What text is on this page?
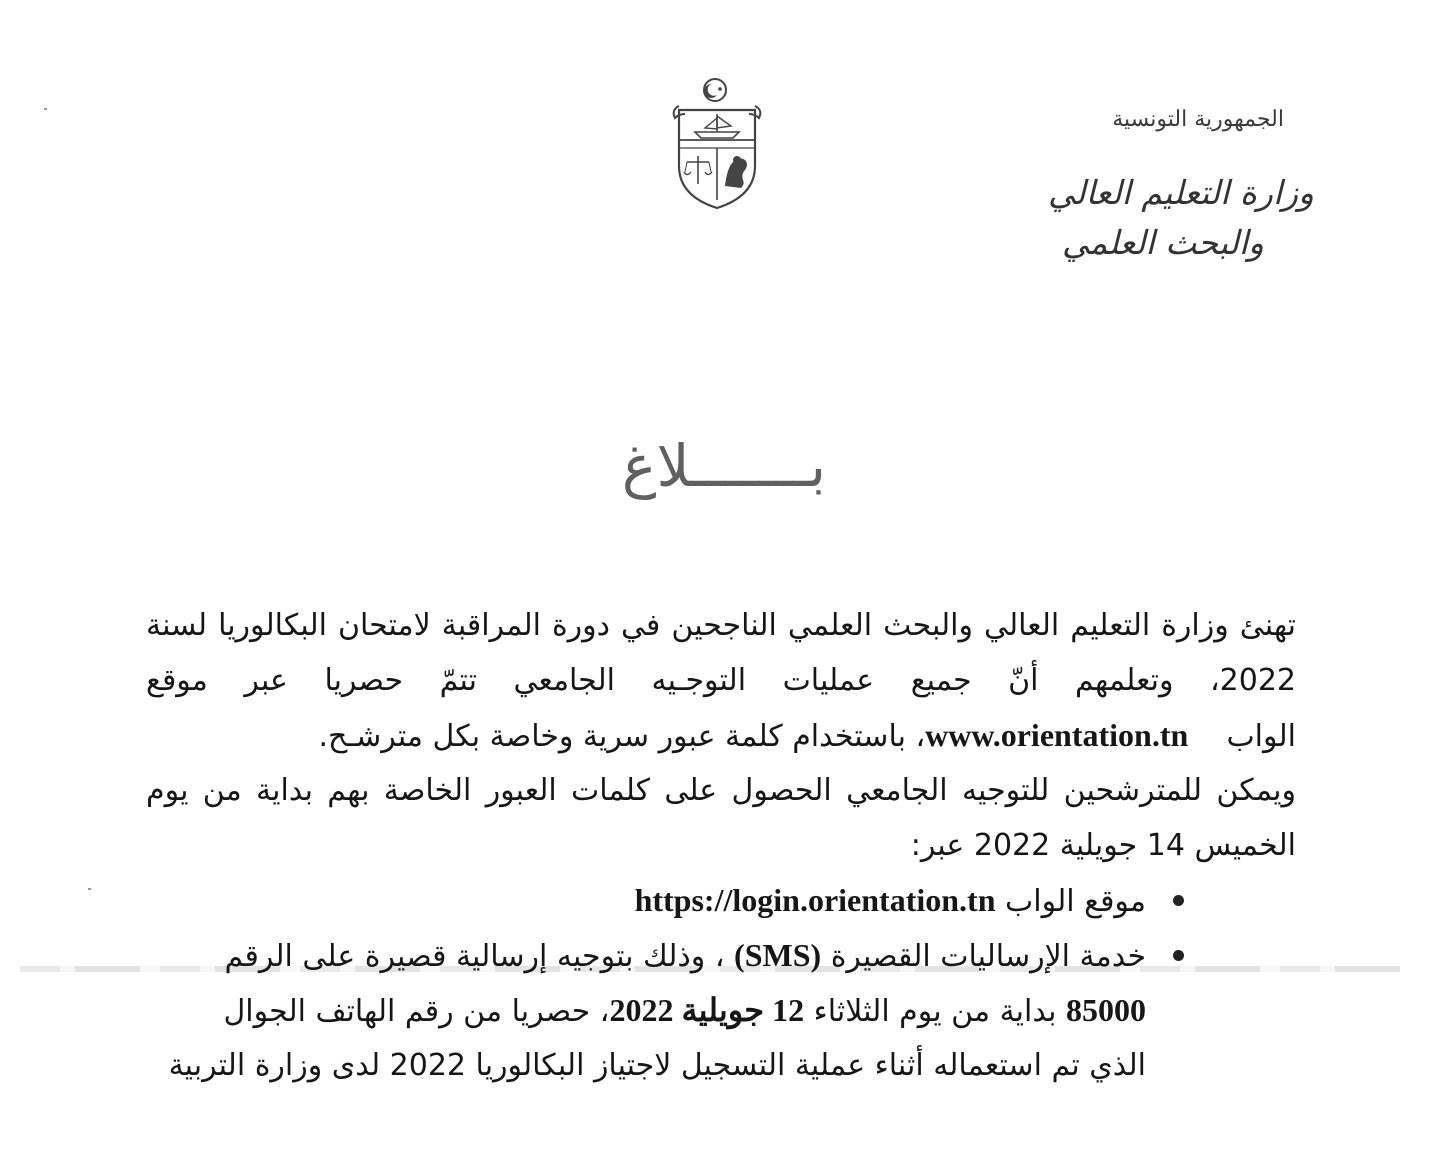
الجمهورية التونسية
وزارة التعليم العالي
والبحث العلمي
بـــــــلاغ
تهنئ وزارة التعليم العالي والبحث العلمي الناجحين في دورة المراقبة لامتحان البكالوريا لسنة
2022، وتعلمهم أنّ جميع عمليات التوجـيه الجامعي تتمّ حصريا عبر موقع
الواب    www.orientation.tn، باستخدام كلمة عبور سرية وخاصة بكل مترشـح.
ويمكن للمترشحين للتوجيه الجامعي الحصول على كلمات العبور الخاصة بهم بداية من يوم
الخميس 14 جويلية 2022 عبر:
موقع الواب https://login.orientation.tn
خدمة الإرساليات القصيرة (SMS) ، وذلك بتوجيه إرسالية قصيرة على الرقم
85000 بداية من يوم الثلاثاء 12 جويلية 2022، حصريا من رقم الهاتف الجوال
الذي تم استعماله أثناء عملية التسجيل لاجتياز البكالوريا 2022 لدى وزارة التربية
